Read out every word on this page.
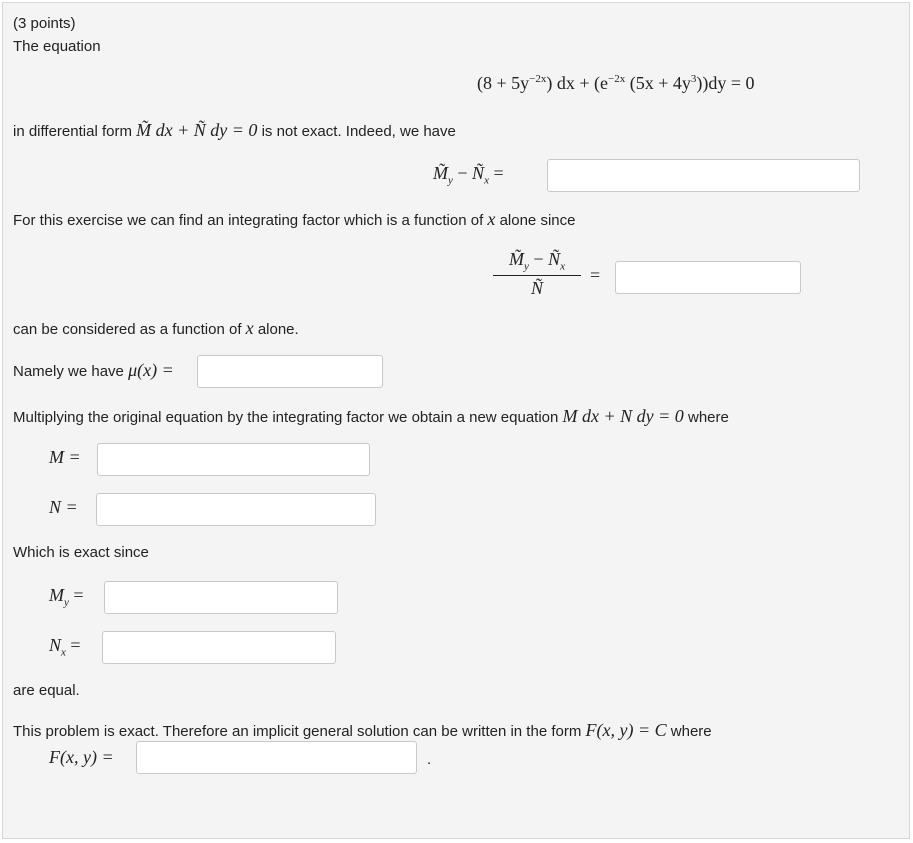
(3 points)
The equation
$(8 + 5y^{-2x})$ dx + ($e^{-2x}$ $(5x + 4y^3))dy = 0$
in differential form M̃ dx + Ñ dy = 0 is not exact. Indeed, we have
$M̃_y$ − $Ñ_x$ =
For this exercise we can find an integrating factor which is a function of x alone since
$M̃_y$ − $Ñ_x$
Ñ
=
can be considered as a function of x alone.
Namely we have μ(x) =
Multiplying the original equation by the integrating factor we obtain a new equation M dx + N dy = 0 where
M =
N =
Which is exact since
$M_y$ =
$N_x$ =
are equal.
This problem is exact. Therefore an implicit general solution can be written in the form F(x, y) = C where
F(x, y) =	.
